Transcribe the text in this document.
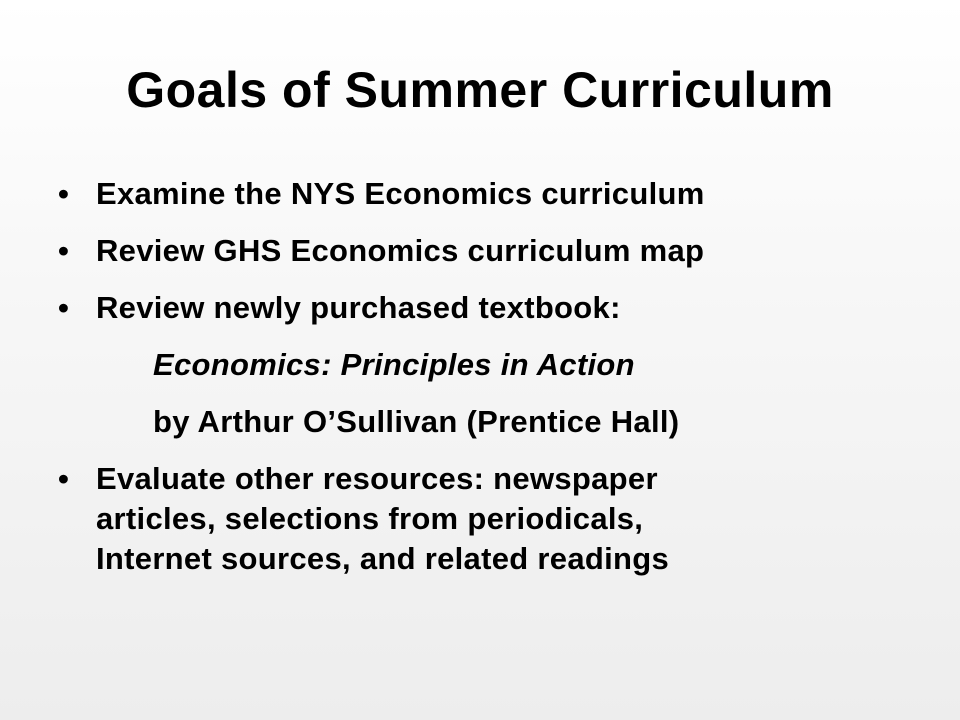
Goals of Summer Curriculum
• Examine the NYS Economics curriculum
• Review GHS Economics curriculum map
• Review newly purchased textbook:
Economics: Principles in Action
by Arthur O’Sullivan (Prentice Hall)
• Evaluate other resources: newspaper
articles, selections from periodicals,
Internet sources, and related readings
